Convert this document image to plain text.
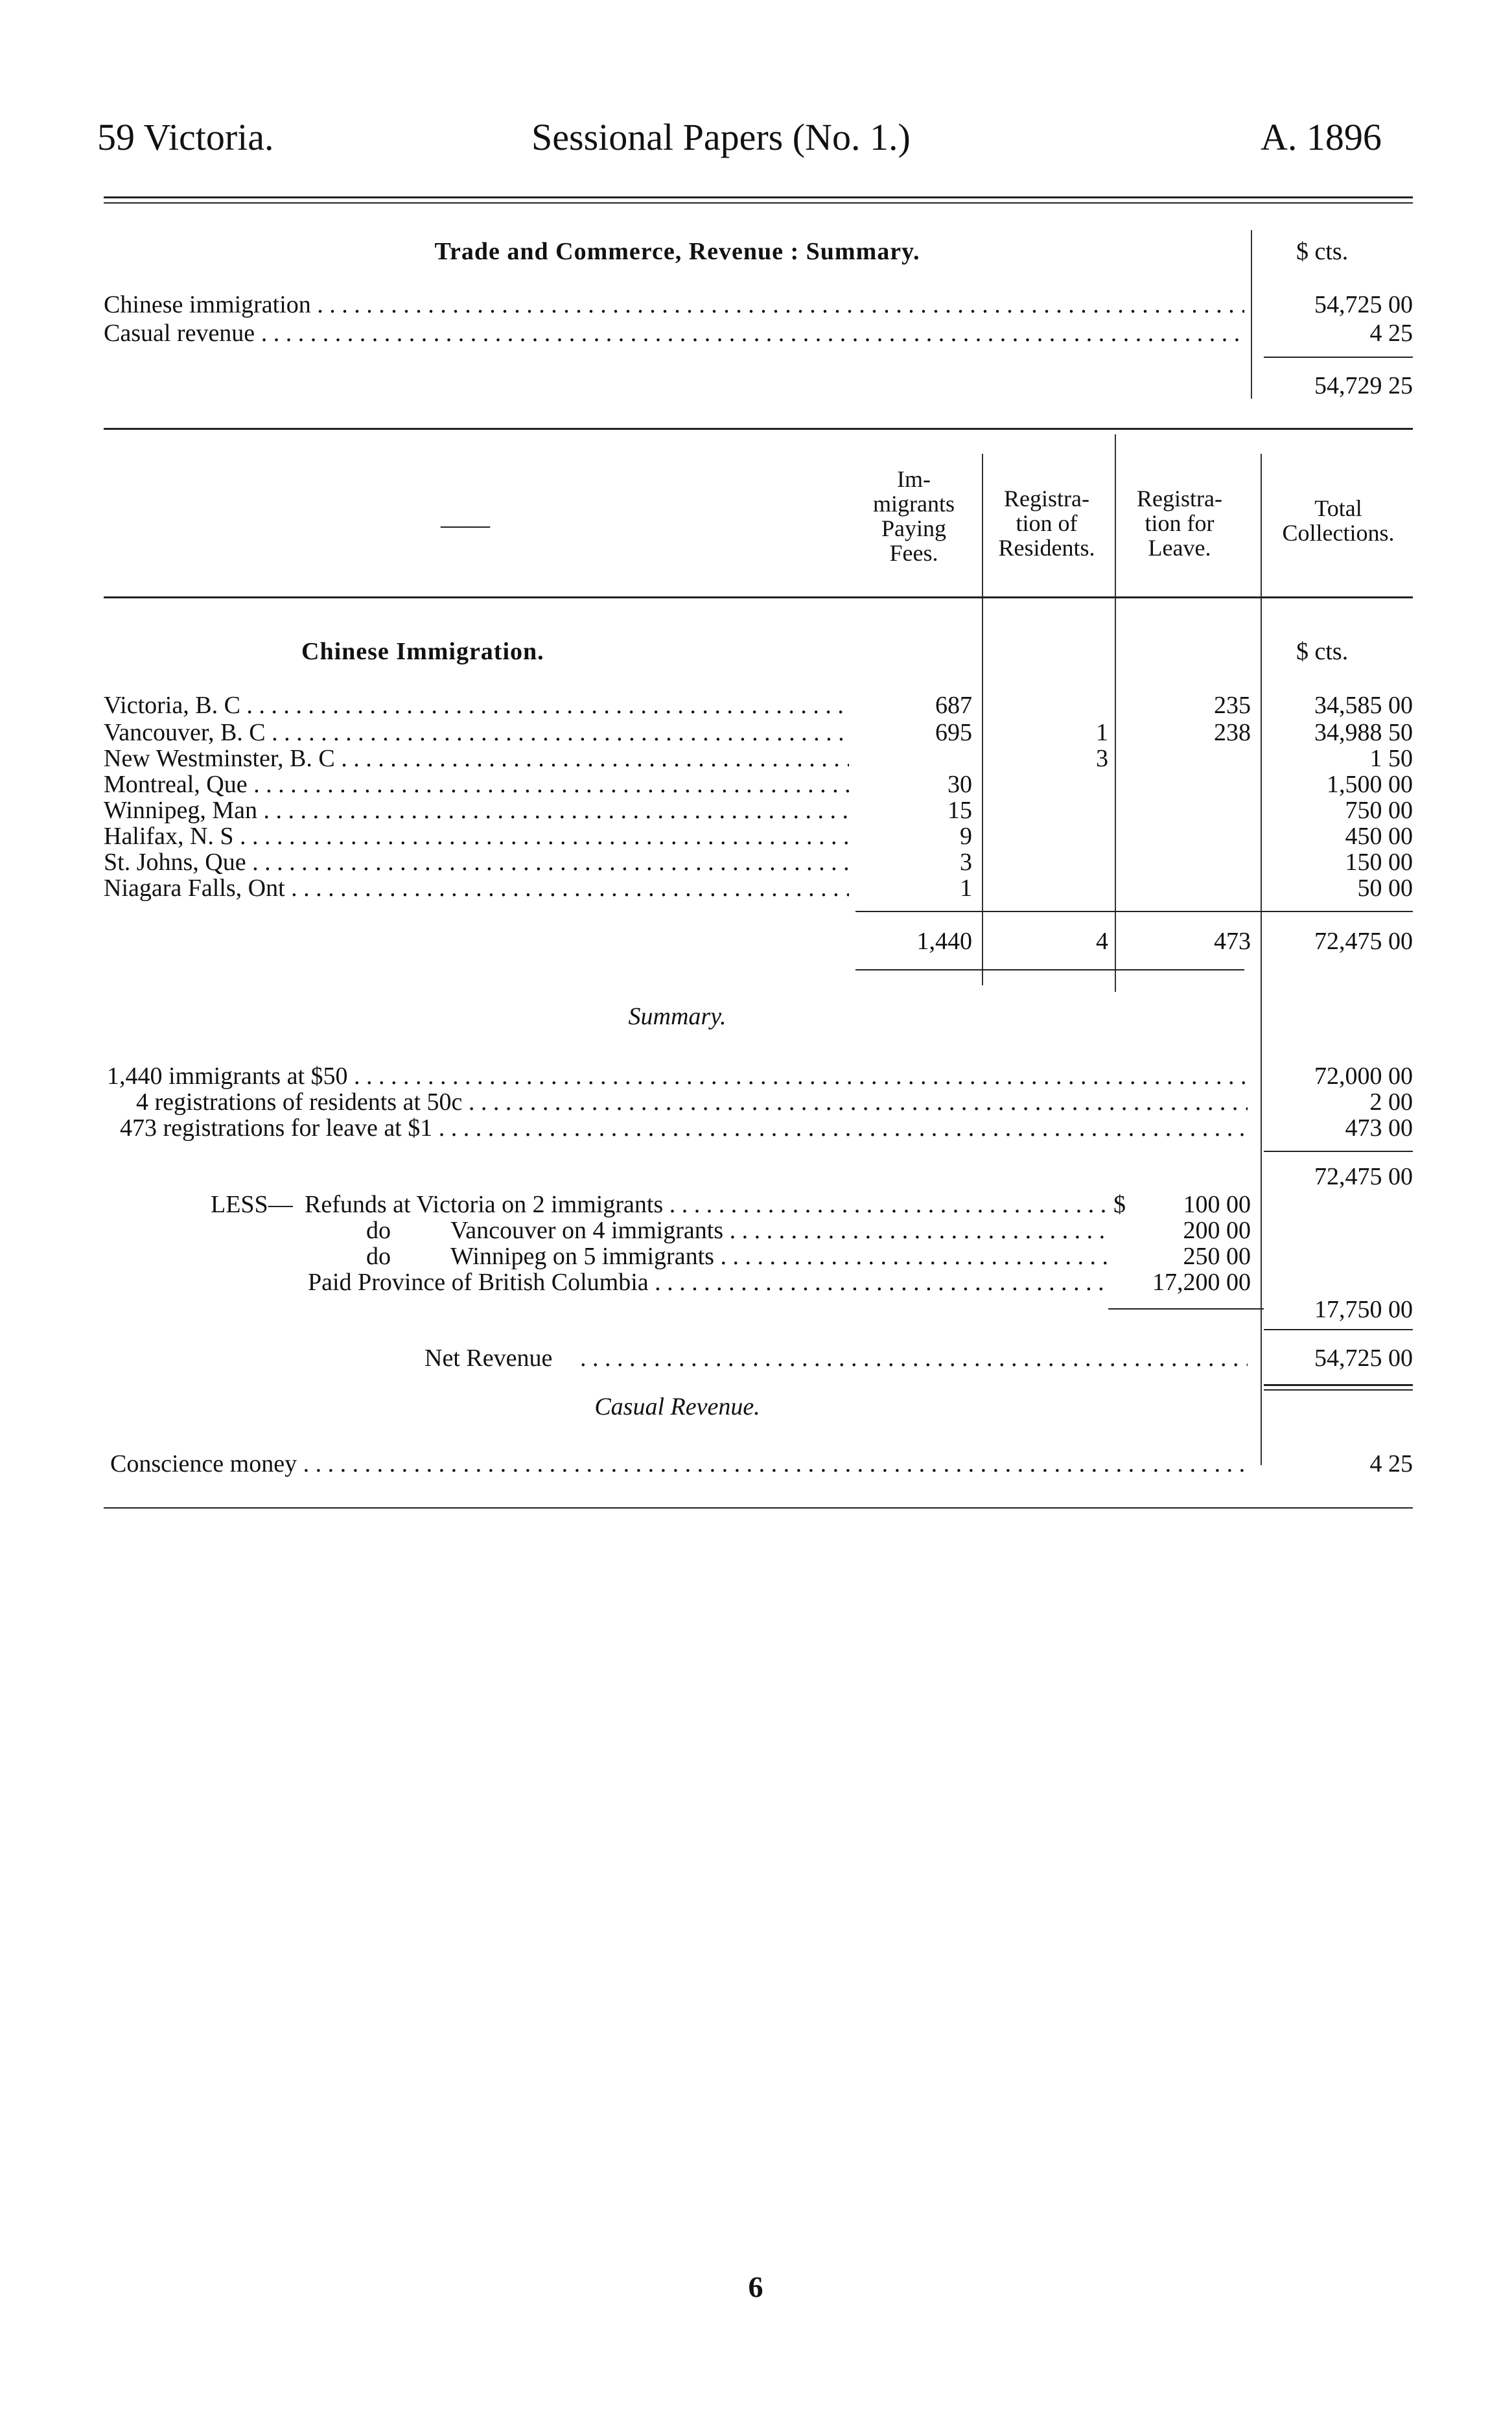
59 Victoria.	Sessional Papers (No. 1.)	A. 1896
Trade and Commerce, Revenue : Summary.	$ cts.
Chinese immigration . . .	54,725 00
Casual revenue . . .	4 25
54,729 25
——
Im-
migrants
Paying
Fees.
Registra-
tion of
Residents.
Registra-
tion for
Leave.
Total
Collections.
Chinese Immigration.	$ cts.
Victoria, B. C . . .	687	235	34,585 00
Vancouver, B. C . . .	695	1	238	34,988 50
New Westminster, B. C . . .	3	1 50
Montreal, Que . . .	30	1,500 00
Winnipeg, Man . . .	15	750 00
Halifax, N. S . . .	9	450 00
St. Johns, Que . . .	3	150 00
Niagara Falls, Ont . . .	1	50 00
1,440	4	473	72,475 00
Summary.
1,440 immigrants at $50 . . .	72,000 00
4 registrations of residents at 50c . . .	2 00
473 registrations for leave at $1 . . .	473 00
72,475 00
LESS— Refunds at Victoria on 2 immigrants . . .	$	100 00
do Vancouver on 4 immigrants . . .	200 00
do Winnipeg on 5 immigrants . . .	250 00
Paid Province of British Columbia . . .	17,200 00
17,750 00
Net Revenue
. . .	54,725 00
Casual Revenue.
Conscience money . . .	4 25
6
